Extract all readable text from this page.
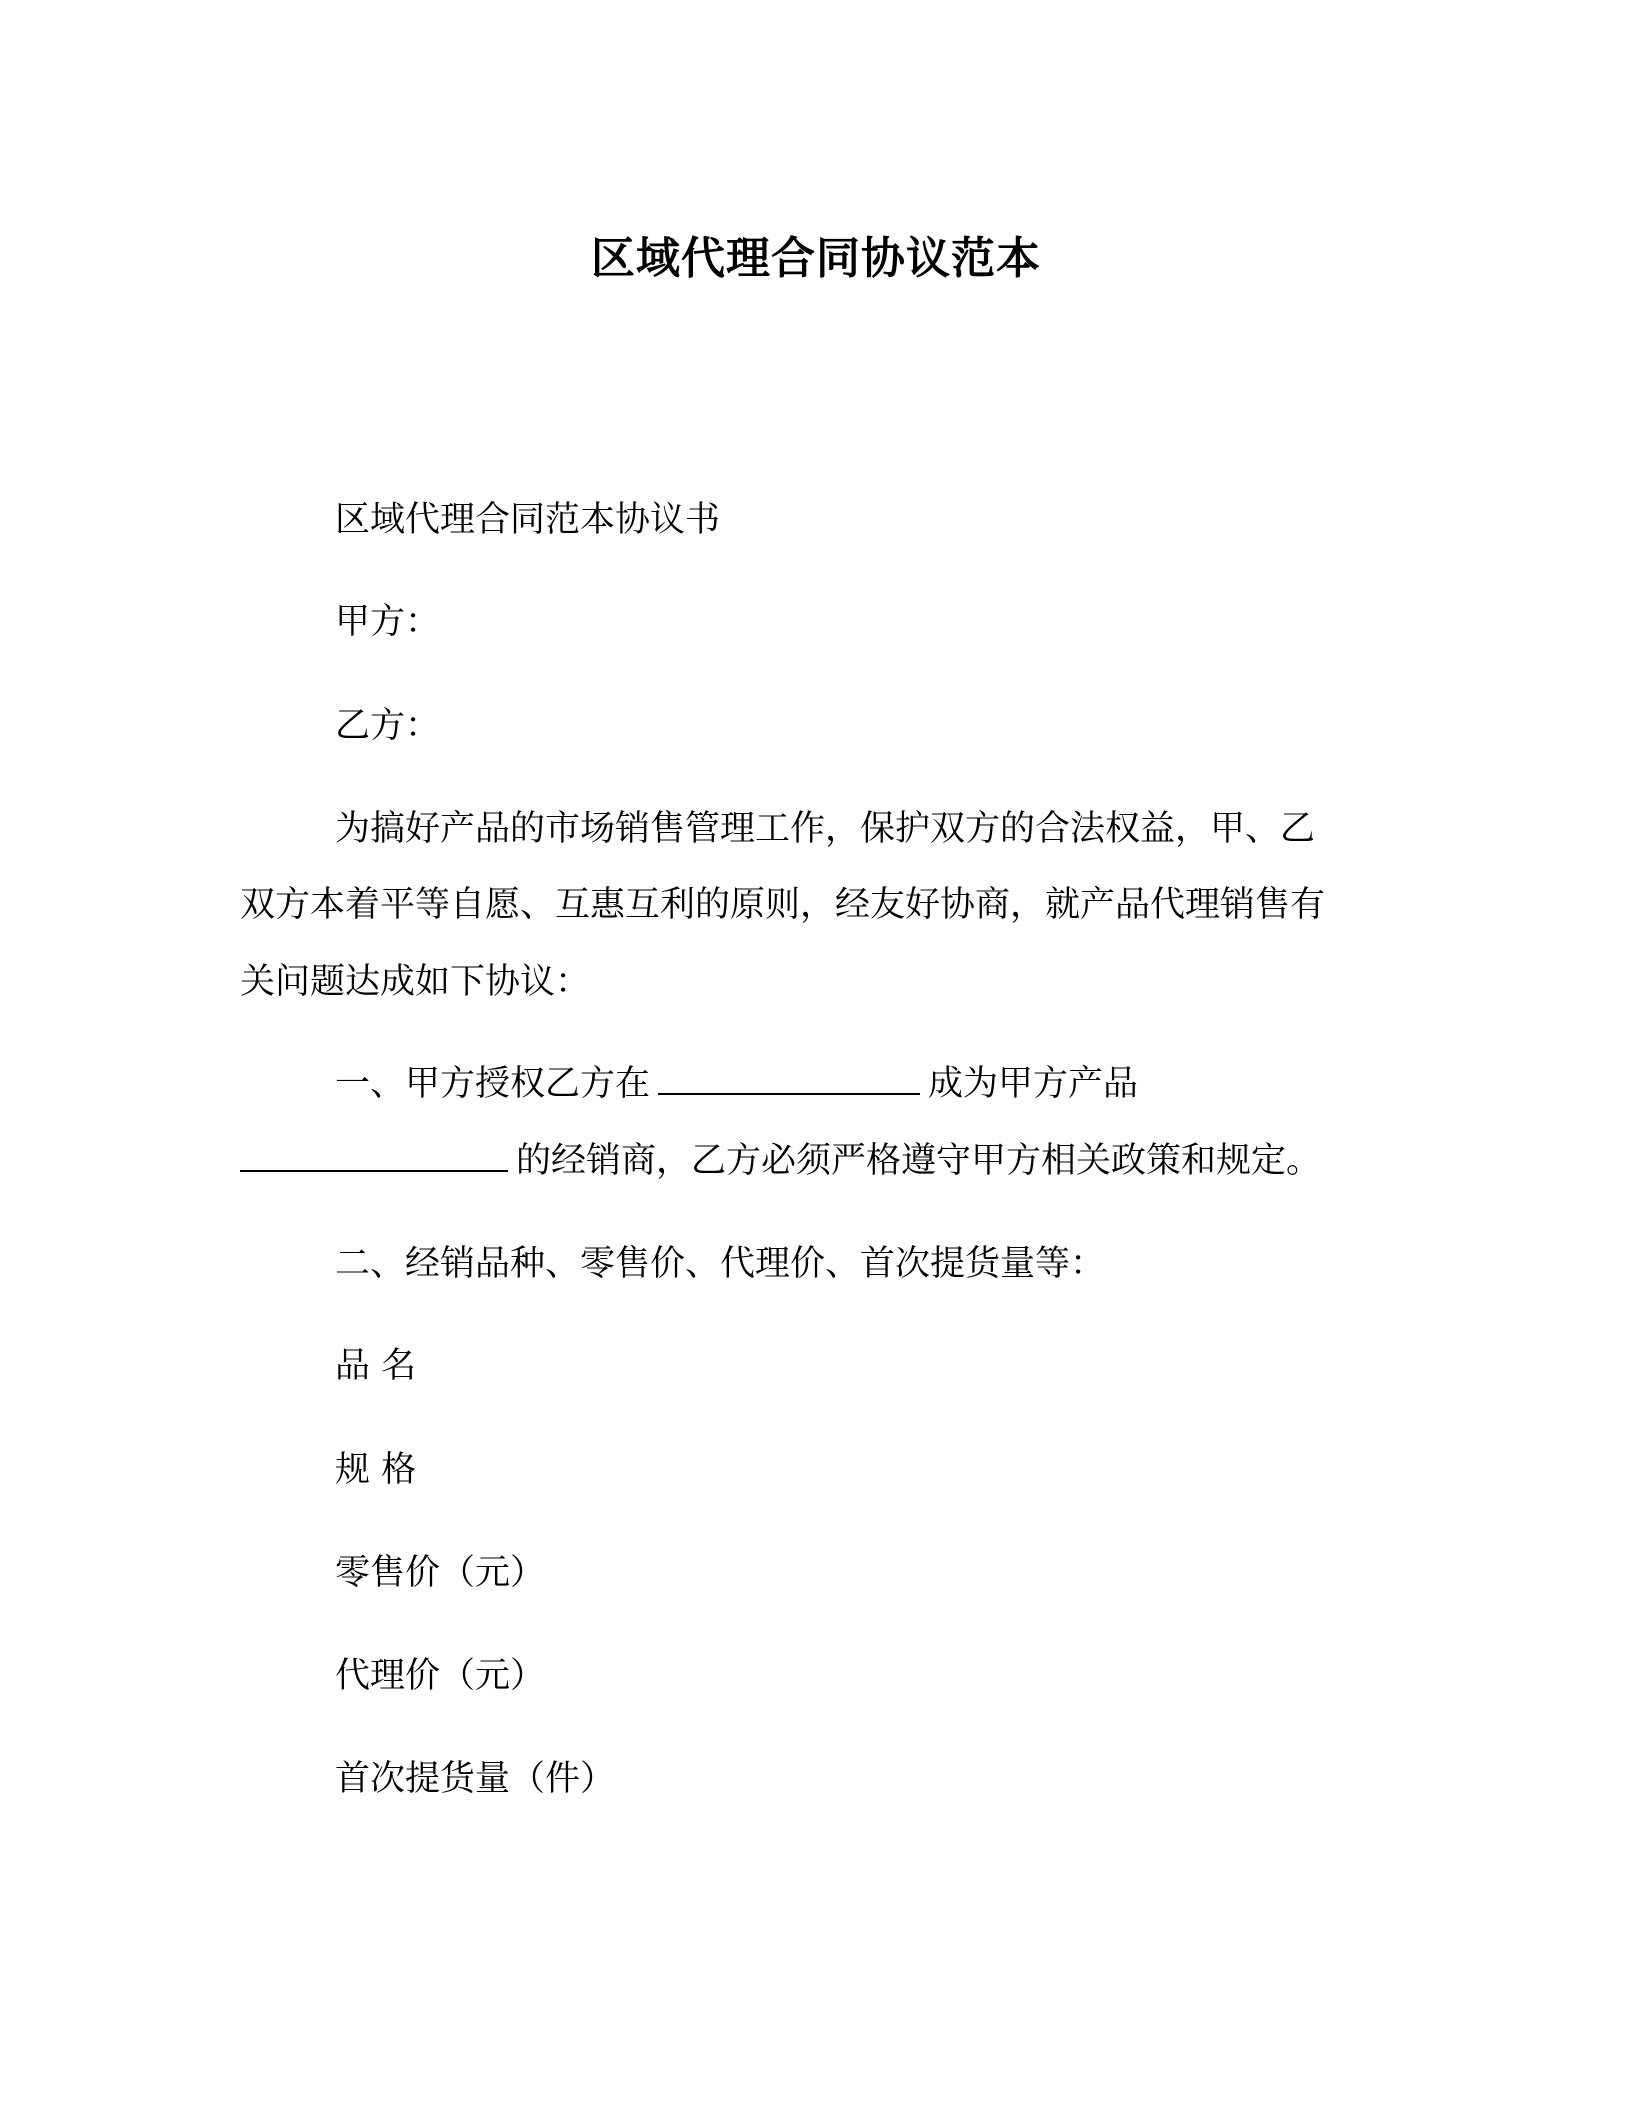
区域代理合同协议范本
区域代理合同范本协议书
甲方：
乙方：
为搞好产品的市场销售管理工作，保护双方的合法权益，甲、乙
双方本着平等自愿、互惠互利的原则，经友好协商，就产品代理销售有
关问题达成如下协议：
一、甲方授权乙方在	成为甲方产品
的经销商，乙方必须严格遵守甲方相关政策和规定。
二、经销品种、零售价、代理价、首次提货量等：
品 名
规 格
零售价（元）
代理价（元）
首次提货量（件）
